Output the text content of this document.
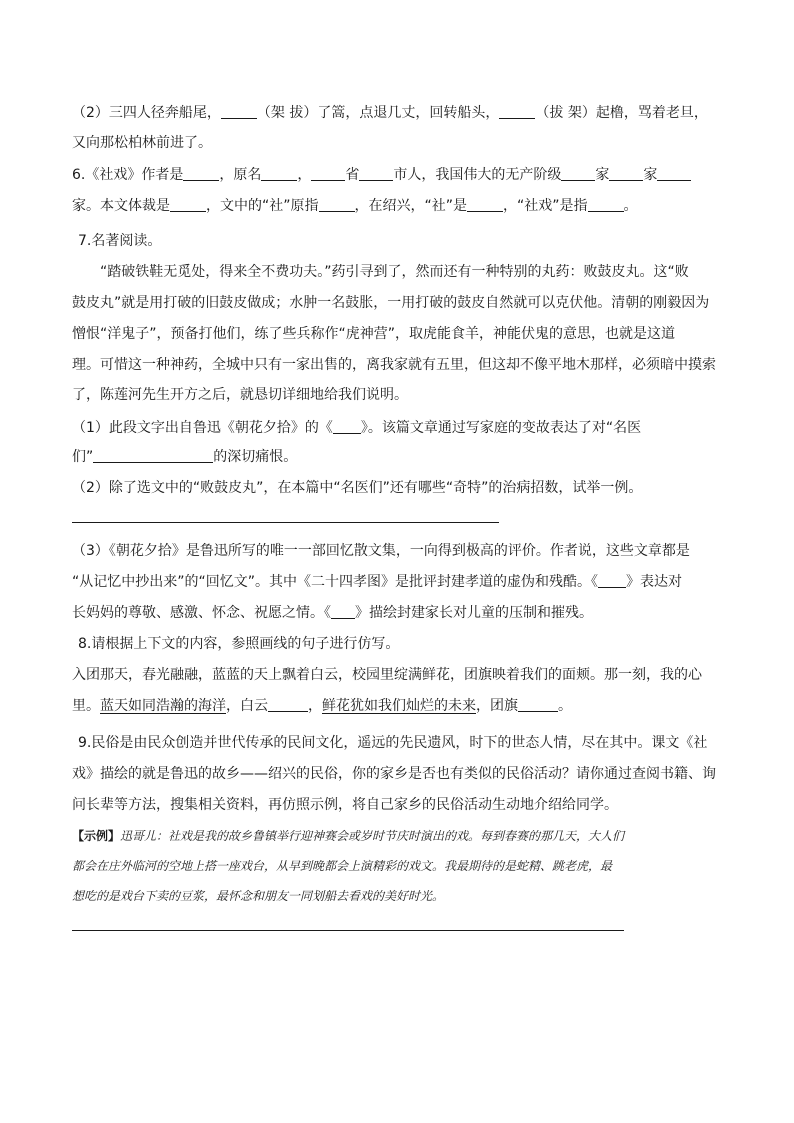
（2）三四人径奔船尾，	（架 拔）了篙，点退几丈，回转船头，	（拔 架）起橹，骂着老旦，
又向那松柏林前进了。
6.《社戏》作者是	，原名	， 省 市人，我国伟大的无产阶级 家 家
家。本文体裁是	，文中的“社”原指	，在绍兴，“社”是	，“社戏”是指	。
7.名著阅读。
“踏破铁鞋无觅处，得来全不费功夫。”药引寻到了，然而还有一种特别的丸药：败鼓皮丸。这“败
鼓皮丸”就是用打破的旧鼓皮做成；水肿一名鼓胀，一用打破的鼓皮自然就可以克伏他。清朝的刚毅因为
憎恨“洋鬼子”，预备打他们，练了些兵称作“虎神营”，取虎能食羊，神能伏鬼的意思，也就是这道
理。可惜这一种神药，全城中只有一家出售的，离我家就有五里，但这却不像平地木那样，必须暗中摸索
了，陈莲河先生开方之后，就恳切详细地给我们说明。
（1）此段文字出自鲁迅《朝花夕拾》的《 》。该篇文章通过写家庭的变故表达了对“名医
们”	的深切痛恨。
（2）除了选文中的“败鼓皮丸”，在本篇中“名医们”还有哪些“奇特”的治病招数，试举一例。
（3）《朝花夕拾》是鲁迅所写的唯一一部回忆散文集，一向得到极高的评价。作者说，这些文章都是
“从记忆中抄出来”的“回忆文”。其中《二十四孝图》是批评封建孝道的虚伪和残酷。《 》表达对
长妈妈的尊敬、感激、怀念、祝愿之情。《 》描绘封建家长对儿童的压制和摧残。
8.请根据上下文的内容，参照画线的句子进行仿写。
入团那天，春光融融，蓝蓝的天上飘着白云，校园里绽满鲜花，团旗映着我们的面颊。那一刻，我的心
里。蓝天如同浩瀚的海洋，白云	，鲜花犹如我们灿烂的未来，团旗	。
9.民俗是由民众创造并世代传承的民间文化，遥远的先民遗风，时下的世态人情，尽在其中。课文《社
戏》描绘的就是鲁迅的故乡——绍兴的民俗，你的家乡是否也有类似的民俗活动？请你通过查阅书籍、询
问长辈等方法，搜集相关资料，再仿照示例，将自己家乡的民俗活动生动地介绍给同学。
【示例】迅哥儿：社戏是我的故乡鲁镇举行迎神赛会或岁时节庆时演出的戏。每到春赛的那几天，大人们
都会在庄外临河的空地上搭一座戏台，从早到晚都会上演精彩的戏文。我最期待的是蛇精、跳老虎，最
想吃的是戏台下卖的豆浆，最怀念和朋友一同划船去看戏的美好时光。
